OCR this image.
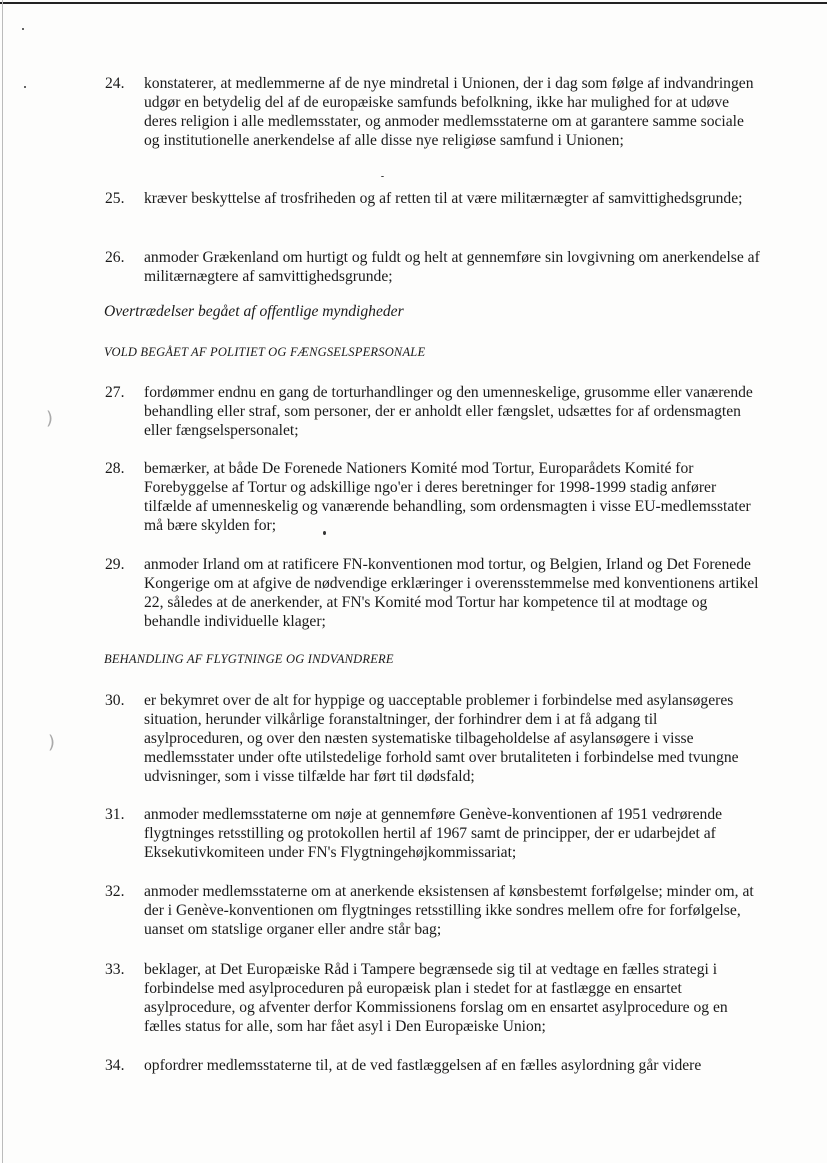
)
)
24.	konstaterer, at medlemmerne af de nye mindretal i Unionen, der i dag som følge af indvandringen udgør en betydelig del af de europæiske samfunds befolkning, ikke har mulighed for at udøve deres religion i alle medlemsstater, og anmoder medlemsstaterne om at garantere samme sociale og institutionelle anerkendelse af alle disse nye religiøse samfund i Unionen;
25.	kræver beskyttelse af trosfriheden og af retten til at være militærnægter af samvittighedsgrunde;
26.	anmoder Grækenland om hurtigt og fuldt og helt at gennemføre sin lovgivning om anerkendelse af militærnægtere af samvittighedsgrunde;
Overtrædelser begået af offentlige myndigheder
VOLD BEGÅET AF POLITIET OG FÆNGSELSPERSONALE
27.	fordømmer endnu en gang de torturhandlinger og den umenneskelige, grusomme eller vanærende behandling eller straf, som personer, der er anholdt eller fængslet, udsættes for af ordensmagten eller fængselspersonalet;
28.	bemærker, at både De Forenede Nationers Komité mod Tortur, Europarådets Komité for Forebyggelse af Tortur og adskillige ngo'er i deres beretninger for 1998-1999 stadig anfører tilfælde af umenneskelig og vanærende behandling, som ordensmagten i visse EU-medlemsstater må bære skylden for;
29.	anmoder Irland om at ratificere FN-konventionen mod tortur, og Belgien, Irland og Det Forenede Kongerige om at afgive de nødvendige erklæringer i overensstemmelse med konventionens artikel 22, således at de anerkender, at FN's Komité mod Tortur har kompetence til at modtage og behandle individuelle klager;
BEHANDLING AF FLYGTNINGE OG INDVANDRERE
30.	er bekymret over de alt for hyppige og uacceptable problemer i forbindelse med asylansøgeres situation, herunder vilkårlige foranstaltninger, der forhindrer dem i at få adgang til asylproceduren, og over den næsten systematiske tilbageholdelse af asylansøgere i visse medlemsstater under ofte utilstedelige forhold samt over brutaliteten i forbindelse med tvungne udvisninger, som i visse tilfælde har ført til dødsfald;
31.	anmoder medlemsstaterne om nøje at gennemføre Genève-konventionen af 1951 vedrørende flygtninges retsstilling og protokollen hertil af 1967 samt de principper, der er udarbejdet af Eksekutivkomiteen under FN's Flygtningehøjkommissariat;
32.	anmoder medlemsstaterne om at anerkende eksistensen af kønsbestemt forfølgelse; minder om, at der i Genève-konventionen om flygtninges retsstilling ikke sondres mellem ofre for forfølgelse, uanset om statslige organer eller andre står bag;
33.	beklager, at Det Europæiske Råd i Tampere begrænsede sig til at vedtage en fælles strategi i forbindelse med asylproceduren på europæisk plan i stedet for at fastlægge en ensartet asylprocedure, og afventer derfor Kommissionens forslag om en ensartet asylprocedure og en fælles status for alle, som har fået asyl i Den Europæiske Union;
34.	opfordrer medlemsstaterne til, at de ved fastlæggelsen af en fælles asylordning går videre
